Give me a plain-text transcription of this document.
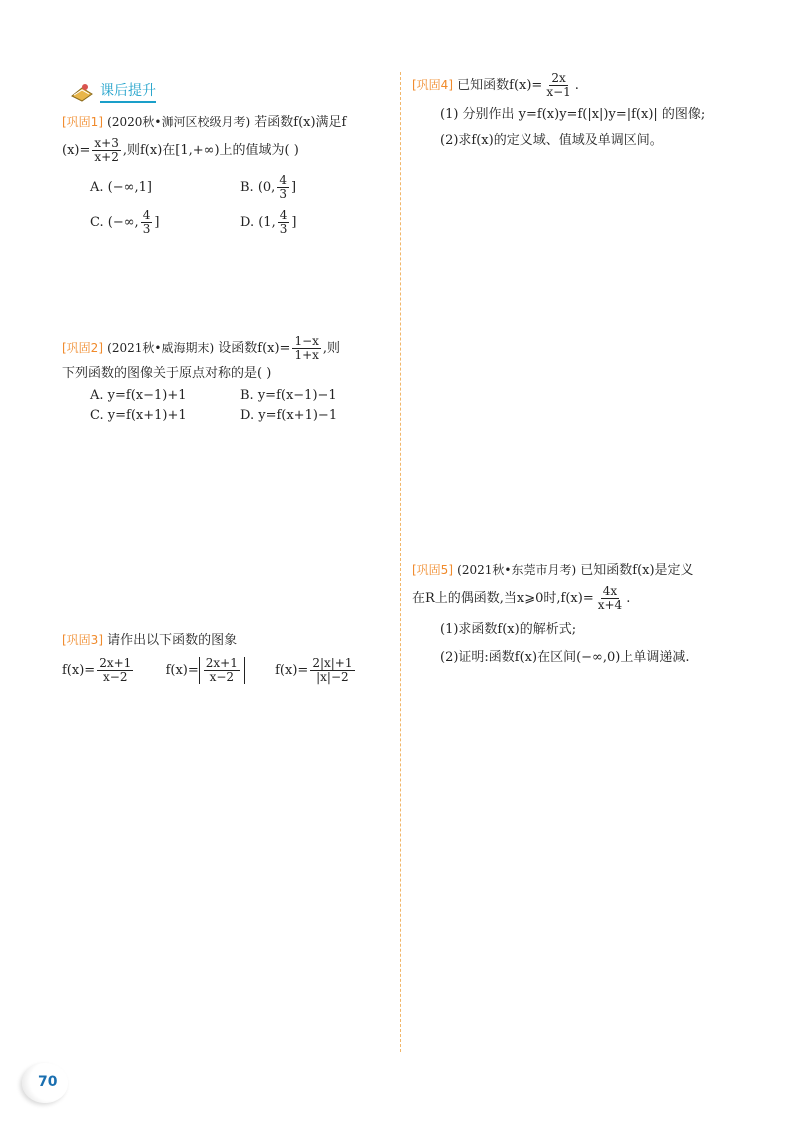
课后提升
[巩固1] (2020秋•浉河区校级月考) 若函数f(x)满足f
$(x)= \frac{x+3}{x+2}$ ,则f(x)在[1,+∞)上的值域为( )
A. (−∞,1]	B. (0, $\frac{4}{3}$ ]
C. (−∞, $\frac{4}{3}$ ]	D. (1, $\frac{4}{3}$ ]
[巩固2] (2021秋•威海期末) 设函数$f(x)= \frac{1-x}{1+x}$ ,则
下列函数的图像关于原点对称的是( )
A. y=f(x−1)+1	B. y=f(x−1)−1
C. y=f(x+1)+1	D. y=f(x+1)−1
[巩固3] 请作出以下函数的图象
$f(x)= \frac{2x+1}{x-2} f(x)= \frac{2x+1}{x-2}$	$f(x)= \frac{2|x|+1}{|x|-2}$
[巩固4] 已知函数$f(x)= \frac{2x}{x-1}$ .
(1) 分别作出 y=f(x)y=f(|x|)y=|f(x)| 的图像;
(2)求f(x)的定义域、值域及单调区间。
[巩固5] (2021秋•东莞市月考) 已知函数f(x)是定义
在R上的偶函数,当x⩾0时$,f(x)= \frac{4x}{x+4}$ .
(1)求函数f(x)的解析式;
(2)证明:函数f(x)在区间(−∞,0)上单调递减.
70
